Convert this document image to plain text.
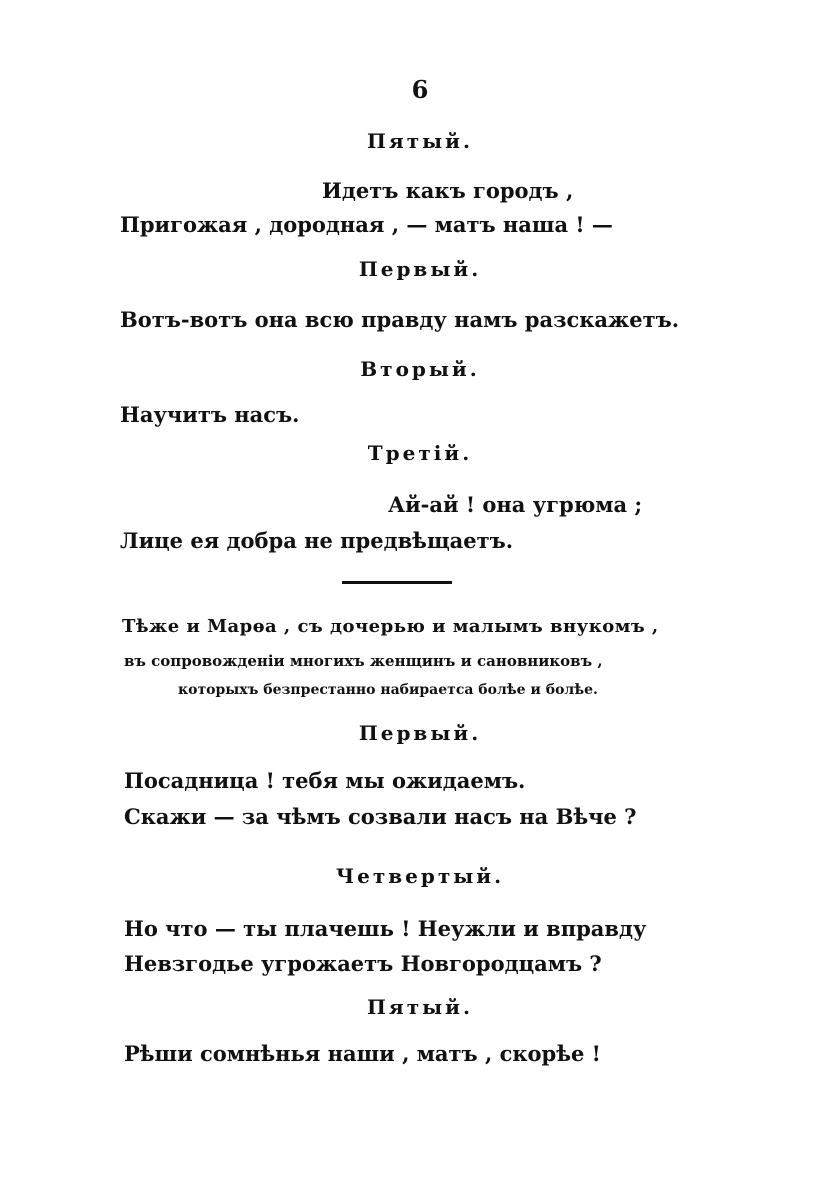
6
Пятый.
Идетъ какъ городъ ,
Пригожая , дородная , — матъ наша ! —
Первый.
Вотъ-вотъ она всю правду намъ разскажетъ.
Вторый.
Научитъ насъ.
Третій.
Ай-ай ! она угрюма ;
Лице ея добра не предвѣщаетъ.
Тѣже и Марѳа , съ дочерью и малымъ внукомъ ,
въ сопровожденіи многихъ женщинъ и сановниковъ ,
которыхъ безпрестанно набираетса болѣе и болѣе.
Первый.
Посадница ! тебя мы ожидаемъ.
Скажи — за чѣмъ созвали насъ на Вѣче ?
Четвертый.
Но что — ты плачешь ! Неужли и вправду
Невзгодье угрожаетъ Новгородцамъ ?
Пятый.
Рѣши сомнѣнья наши , матъ , скорѣе !
